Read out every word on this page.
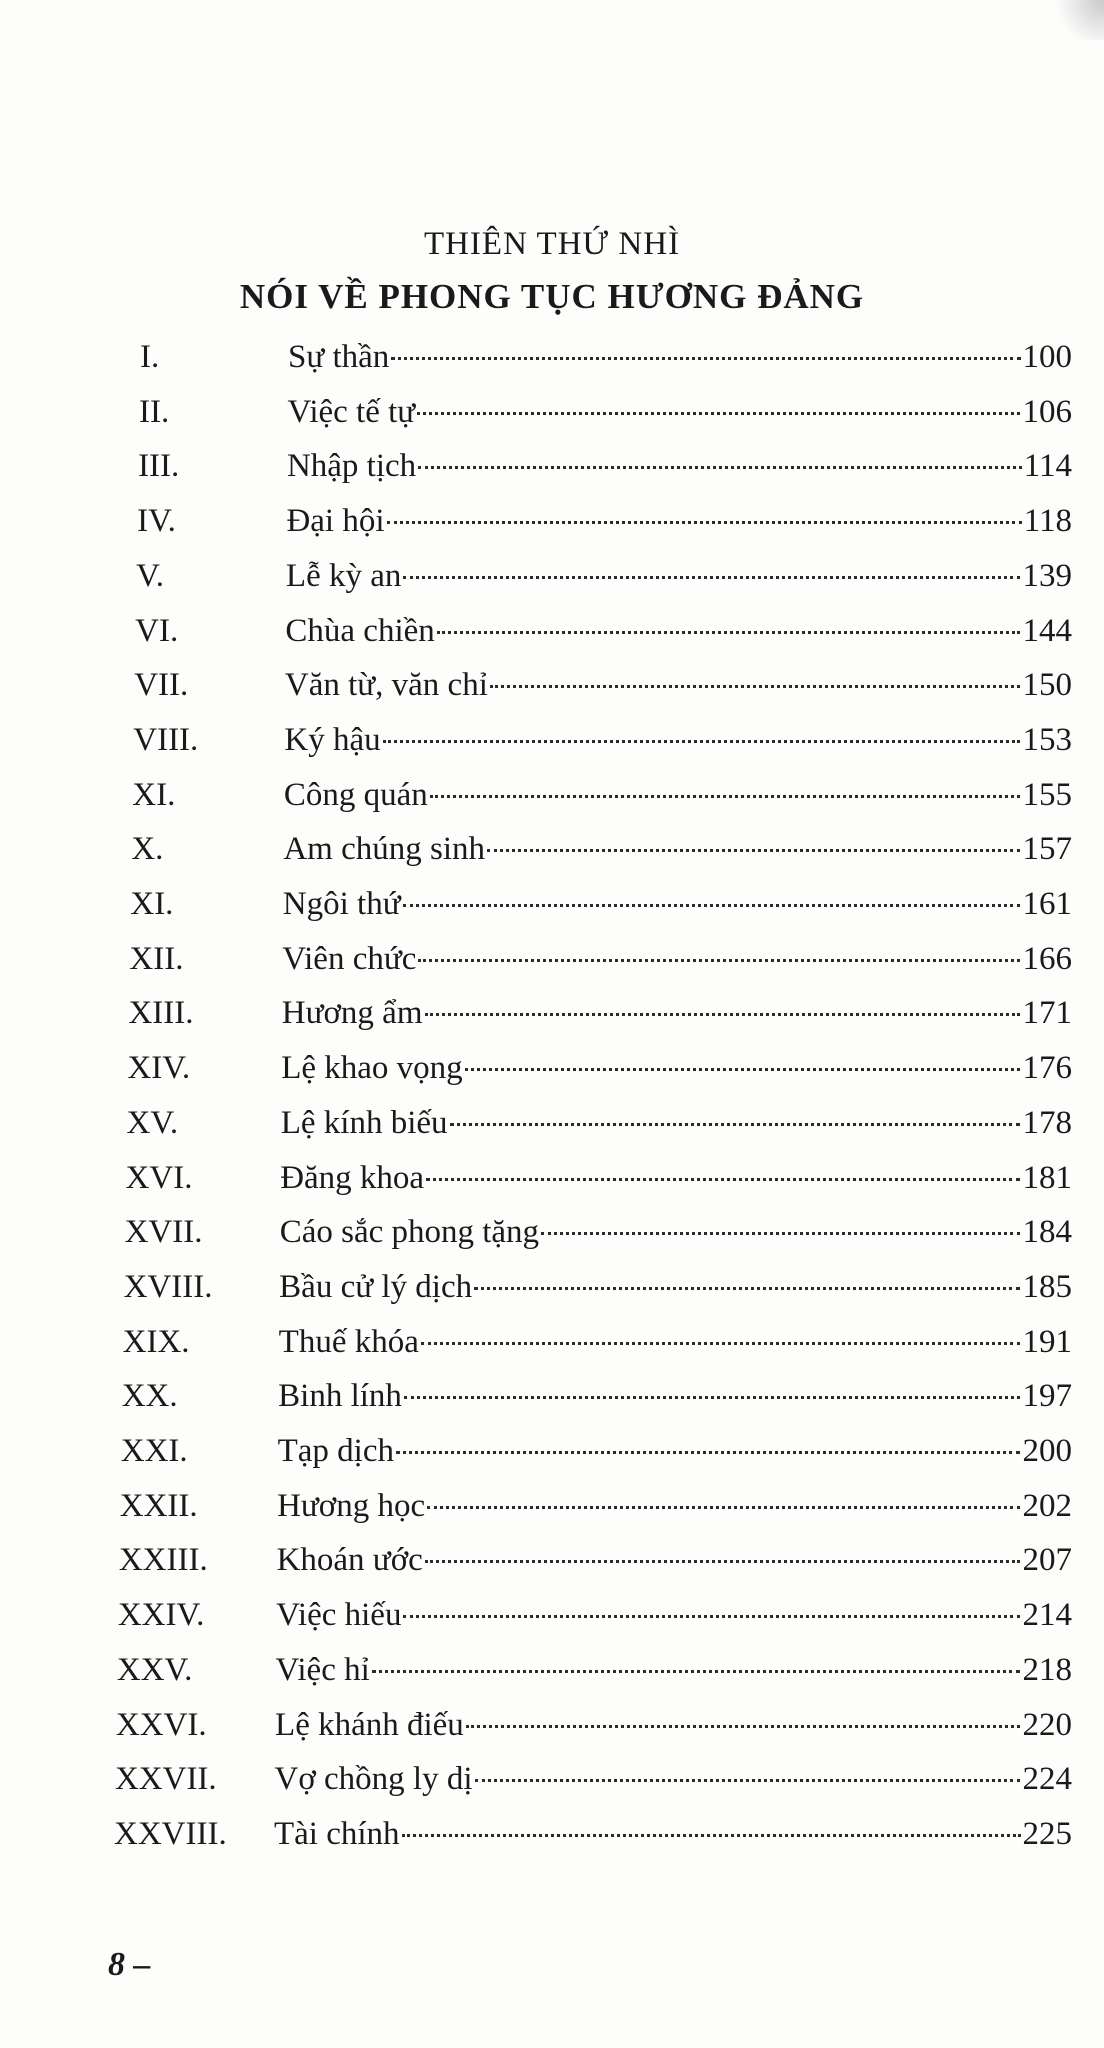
THIÊN THỨ NHÌ
NÓI VỀ PHONG TỤC HƯƠNG ĐẢNG
I.	Sự thần	100
II.	Việc tế tự	106
III.	Nhập tịch	114
IV.	Đại hội	118
V.	Lễ kỳ an	139
VI.	Chùa chiền	144
VII.	Văn từ, văn chỉ	150
VIII.	Ký hậu	153
XI.	Công quán	155
X.	Am chúng sinh	157
XI.	Ngôi thứ	161
XII.	Viên chức	166
XIII.	Hương ẩm	171
XIV.	Lệ khao vọng	176
XV.	Lệ kính biếu	178
XVI.	Đăng khoa	181
XVII.	Cáo sắc phong tặng	184
XVIII.	Bầu cử lý dịch	185
XIX.	Thuế khóa	191
XX.	Binh lính	197
XXI.	Tạp dịch	200
XXII.	Hương học	202
XXIII.	Khoán ước	207
XXIV.	Việc hiếu	214
XXV.	Việc hỉ	218
XXVI.	Lệ khánh điếu	220
XXVII.	Vợ chồng ly dị	224
XXVIII.	Tài chính	225
8 –
